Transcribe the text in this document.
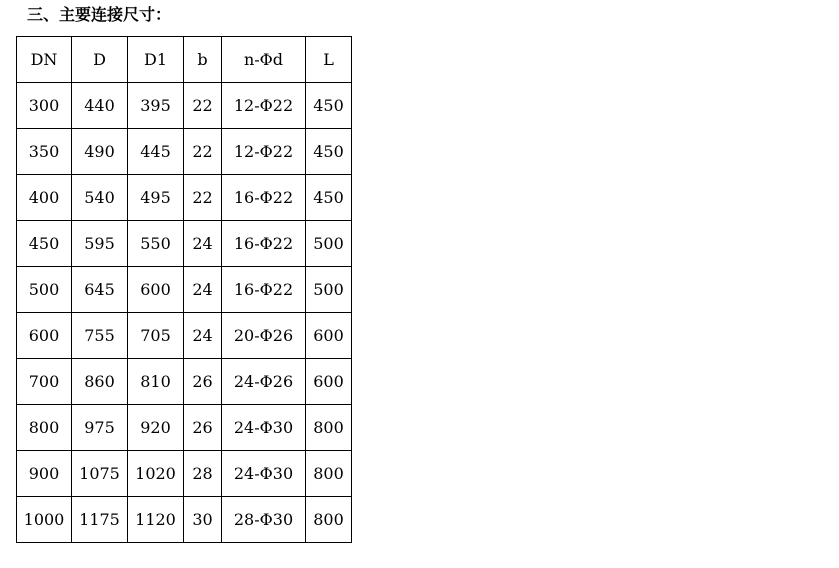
三、主要连接尺寸：
DN	D	D1	b	n-Φd	L
300	440	395	22	12-Φ22	450
350	490	445	22	12-Φ22	450
400	540	495	22	16-Φ22	450
450	595	550	24	16-Φ22	500
500	645	600	24	16-Φ22	500
600	755	705	24	20-Φ26	600
700	860	810	26	24-Φ26	600
800	975	920	26	24-Φ30	800
900	1075	1020	28	24-Φ30	800
1000	1175	1120	30	28-Φ30	800
